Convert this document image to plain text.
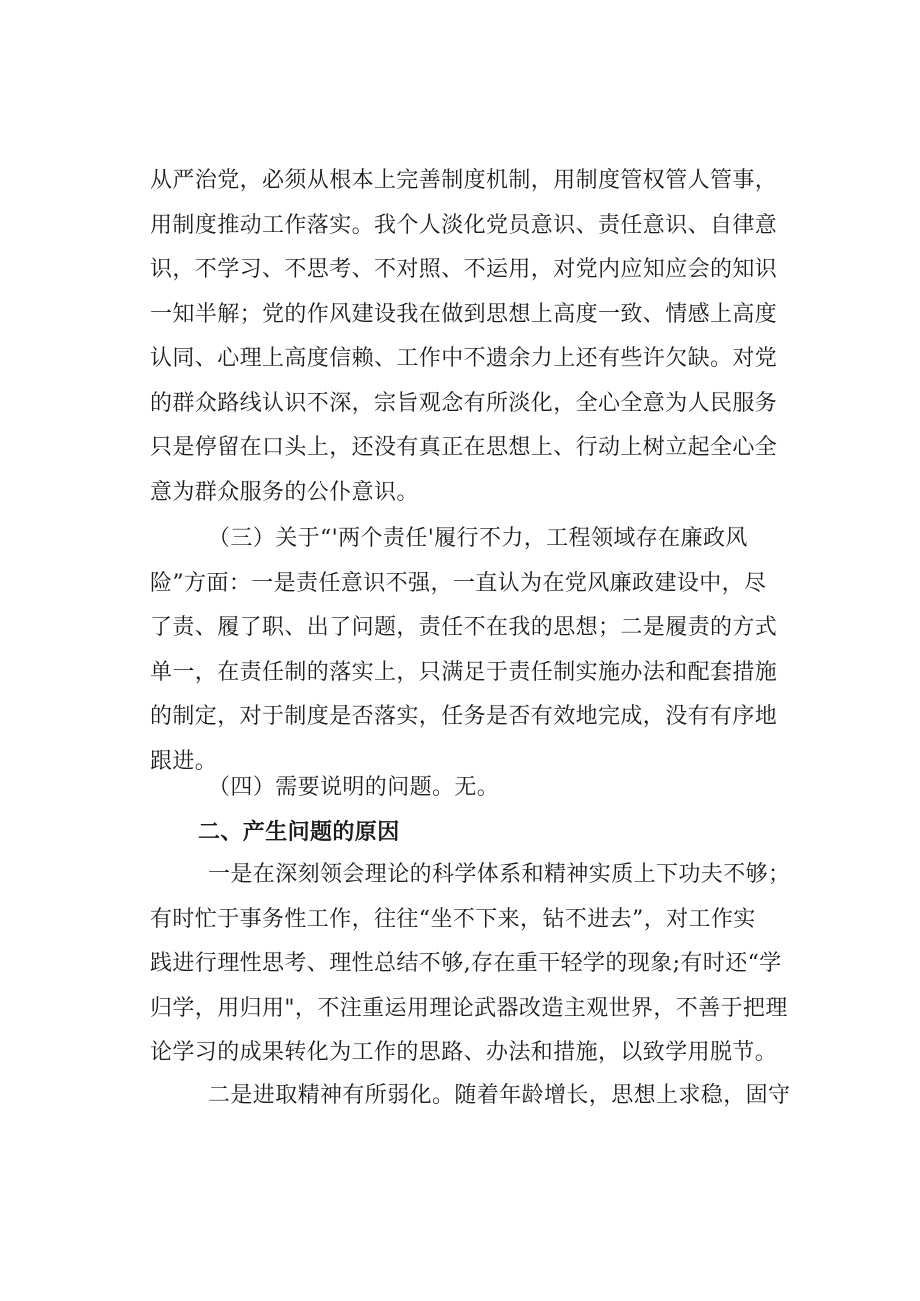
从严治党，必须从根本上完善制度机制，用制度管权管人管事，
用制度推动工作落实。我个人淡化党员意识、责任意识、自律意
识，不学习、不思考、不对照、不运用，对党内应知应会的知识
一知半解；党的作风建设我在做到思想上高度一致、情感上高度
认同、心理上高度信赖、工作中不遗余力上还有些许欠缺。对党
的群众路线认识不深，宗旨观念有所淡化，全心全意为人民服务
只是停留在口头上，还没有真正在思想上、行动上树立起全心全
意为群众服务的公仆意识。
（三）关于“'两个责任'履行不力，工程领域存在廉政风
险”方面：一是责任意识不强，一直认为在党风廉政建设中，尽
了责、履了职、出了问题，责任不在我的思想；二是履责的方式
单一，在责任制的落实上，只满足于责任制实施办法和配套措施
的制定，对于制度是否落实，任务是否有效地完成，没有有序地
跟进。
（四）需要说明的问题。无。
二、产生问题的原因
一是在深刻领会理论的科学体系和精神实质上下功夫不够；
有时忙于事务性工作，往往“坐不下来，钻不进去”，对工作实
践进行理性思考、理性总结不够,存在重干轻学的现象;有时还“学
归学，用归用"，不注重运用理论武器改造主观世界，不善于把理
论学习的成果转化为工作的思路、办法和措施，以致学用脱节。
二是进取精神有所弱化。随着年龄增长，思想上求稳，固守
